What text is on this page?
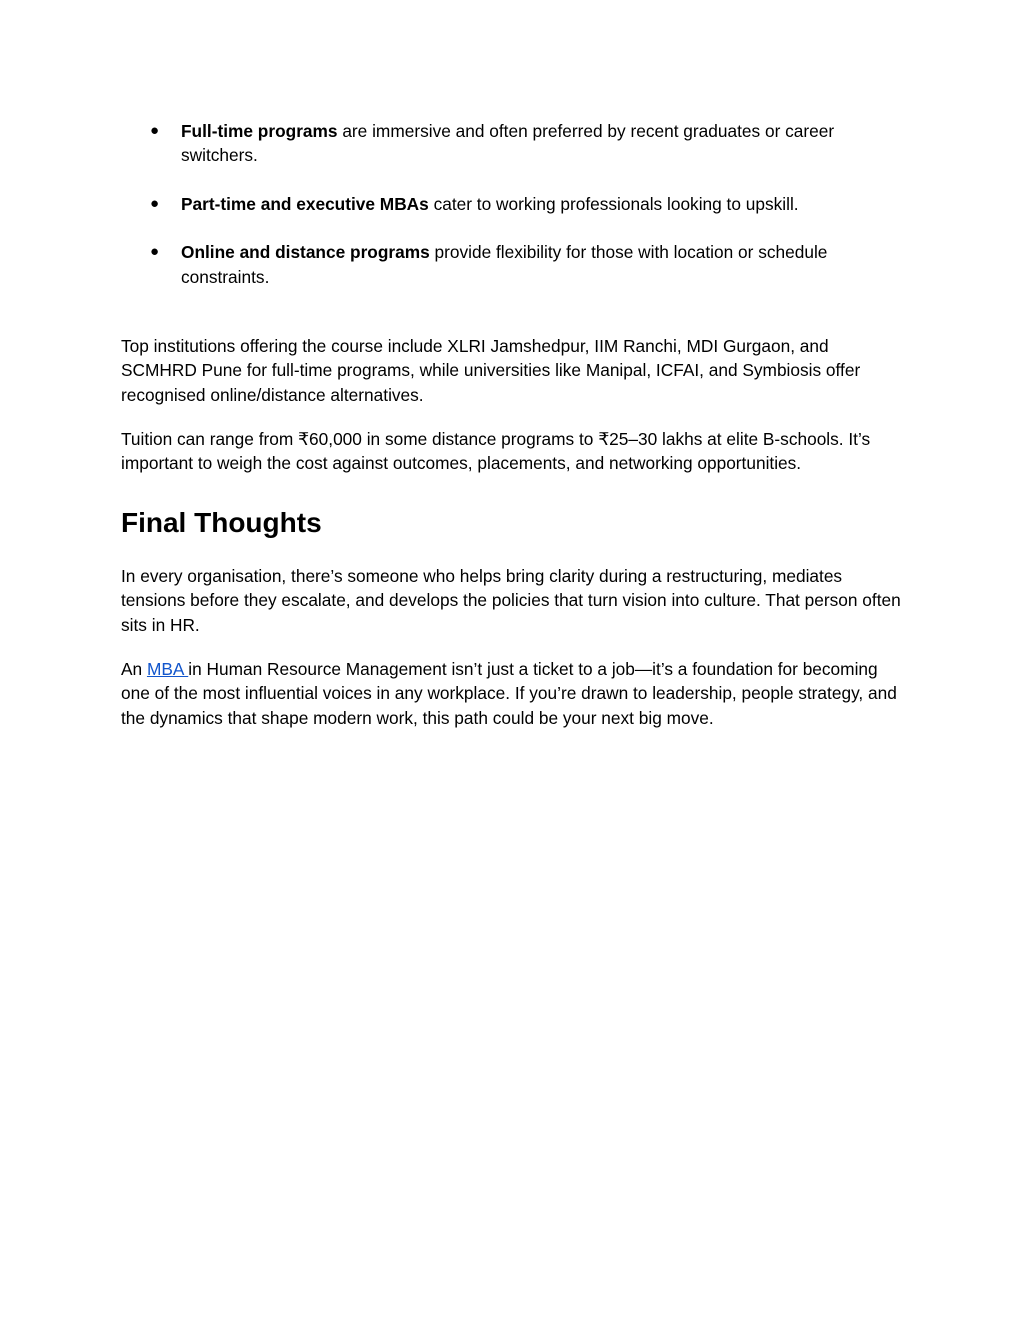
● Full-time programs are immersive and often preferred by recent graduates or career switchers.
● Part-time and executive MBAs cater to working professionals looking to upskill.
● Online and distance programs provide flexibility for those with location or schedule constraints.

Top institutions offering the course include XLRI Jamshedpur, IIM Ranchi, MDI Gurgaon, and SCMHRD Pune for full-time programs, while universities like Manipal, ICFAI, and Symbiosis offer recognised online/distance alternatives.

Tuition can range from ₹60,000 in some distance programs to ₹25–30 lakhs at elite B-schools. It’s important to weigh the cost against outcomes, placements, and networking opportunities.

Final Thoughts

In every organisation, there’s someone who helps bring clarity during a restructuring, mediates tensions before they escalate, and develops the policies that turn vision into culture. That person often sits in HR.

An MBA in Human Resource Management isn’t just a ticket to a job—it’s a foundation for becoming one of the most influential voices in any workplace. If you’re drawn to leadership, people strategy, and the dynamics that shape modern work, this path could be your next big move.
